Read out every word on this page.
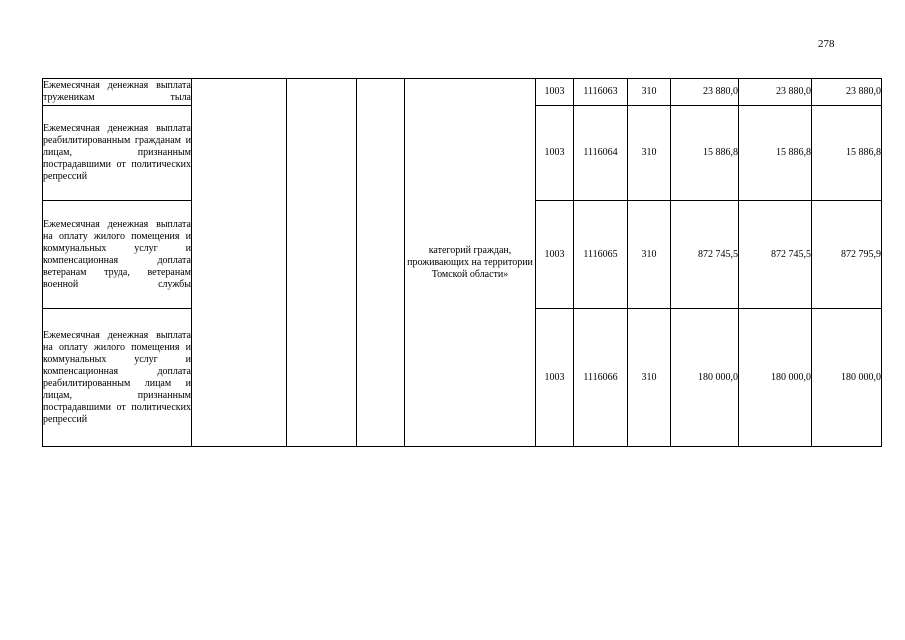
278
Ежемесячная денежная выплата труженикам тыла				категорий граждан, проживающих на территории Томской области»	1003	1116063	310	23 880,0	23 880,0	23 880,0

Ежемесячная денежная выплата реабилитированным гражданам и лицам, признанным пострадавшими от политических репрессий					1003	1116064	310	15 886,8	15 886,8	15 886,8

Ежемесячная денежная выплата на оплату жилого помещения и коммунальных услуг и компенсационная доплата ветеранам труда, ветеранам военной службы					1003	1116065	310	872 745,5	872 745,5	872 795,9

Ежемесячная денежная выплата на оплату жилого помещения и коммунальных услуг и компенсационная доплата реабилитированным лицам и лицам, признанным пострадавшими от политических репрессий					1003	1116066	310	180 000,0	180 000,0	180 000,0
